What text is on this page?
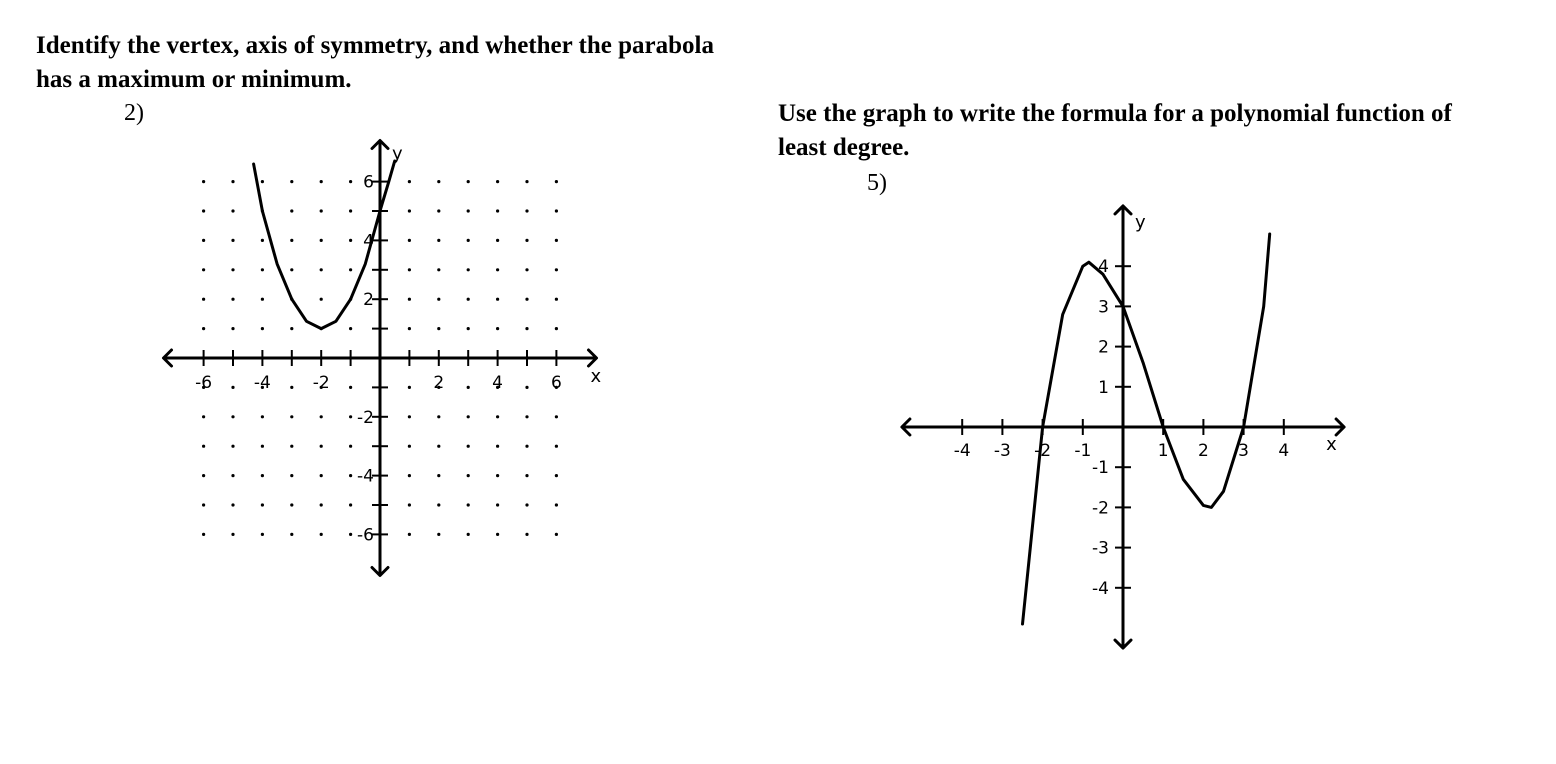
Identify the vertex, axis of symmetry, and whether the parabola has a maximum or minimum.
2)	Use the graph to write the formula for a polynomial function of least degree.
5)
-6 -4 -2	2	4	6
6
4
2
-2
-4
-6
x
y
-4 -3 -2 -1	1 2 3 4
4
3
2
1
-1
-2
-3
-4
x
y
